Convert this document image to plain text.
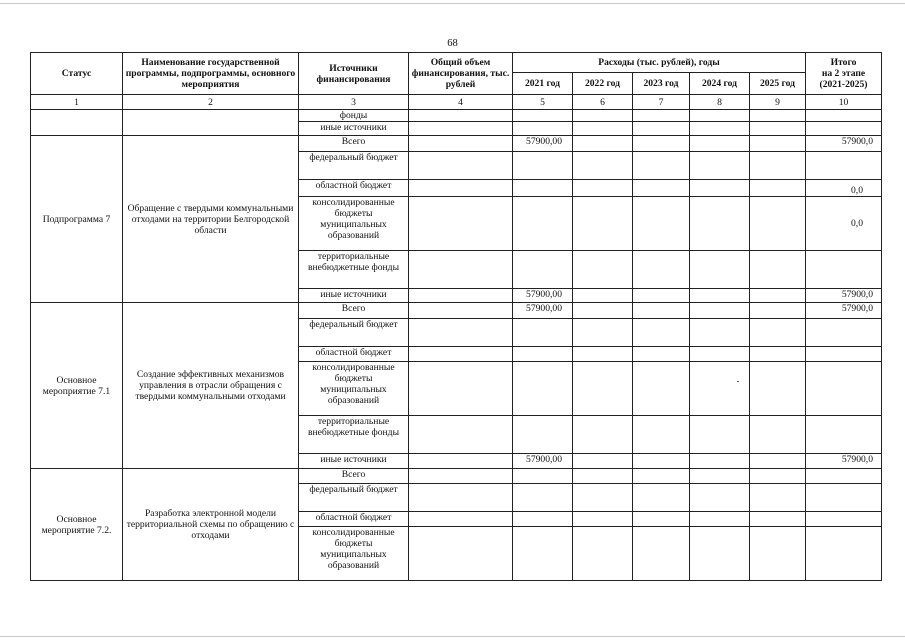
68
Статус	Наименование государственной программы, подпрограммы, основного мероприятия	Источники финансирования	Общий объем финансирования, тыс. рублей	Расходы (тыс. рублей), годы					Итого
на 2 этапе (2021-2025)
				2021 год	2022 год	2023 год	2024 год	2025 год	
1	2	3	4	5	6	7	8	9	10
		фонды							
		иные источники							
Подпрограмма 7	Обращение с твердыми коммунальными отходами на территории Белгородской области	Всего		57900,00					57900,0
		федеральный бюджет							
		областной бюджет							0,0
		консолидированные бюджеты муниципальных образований							0,0
		территориальные внебюджетные фонды							
		иные источники		57900,00					57900,0
Основное мероприятие 7.1	Создание эффективных механизмов управления в отрасли обращения с твердыми коммунальными отходами	Всего		57900,00					57900,0
		федеральный бюджет							
		областной бюджет							
		консолидированные бюджеты муниципальных образований							
		территориальные внебюджетные фонды							
		иные источники		57900,00					57900,0
Основное мероприятие 7.2.	Разработка электронной модели территориальной схемы по обращению с отходами	Всего							
		федеральный бюджет							
		областной бюджет							
		консолидированные бюджеты муниципальных образований							
